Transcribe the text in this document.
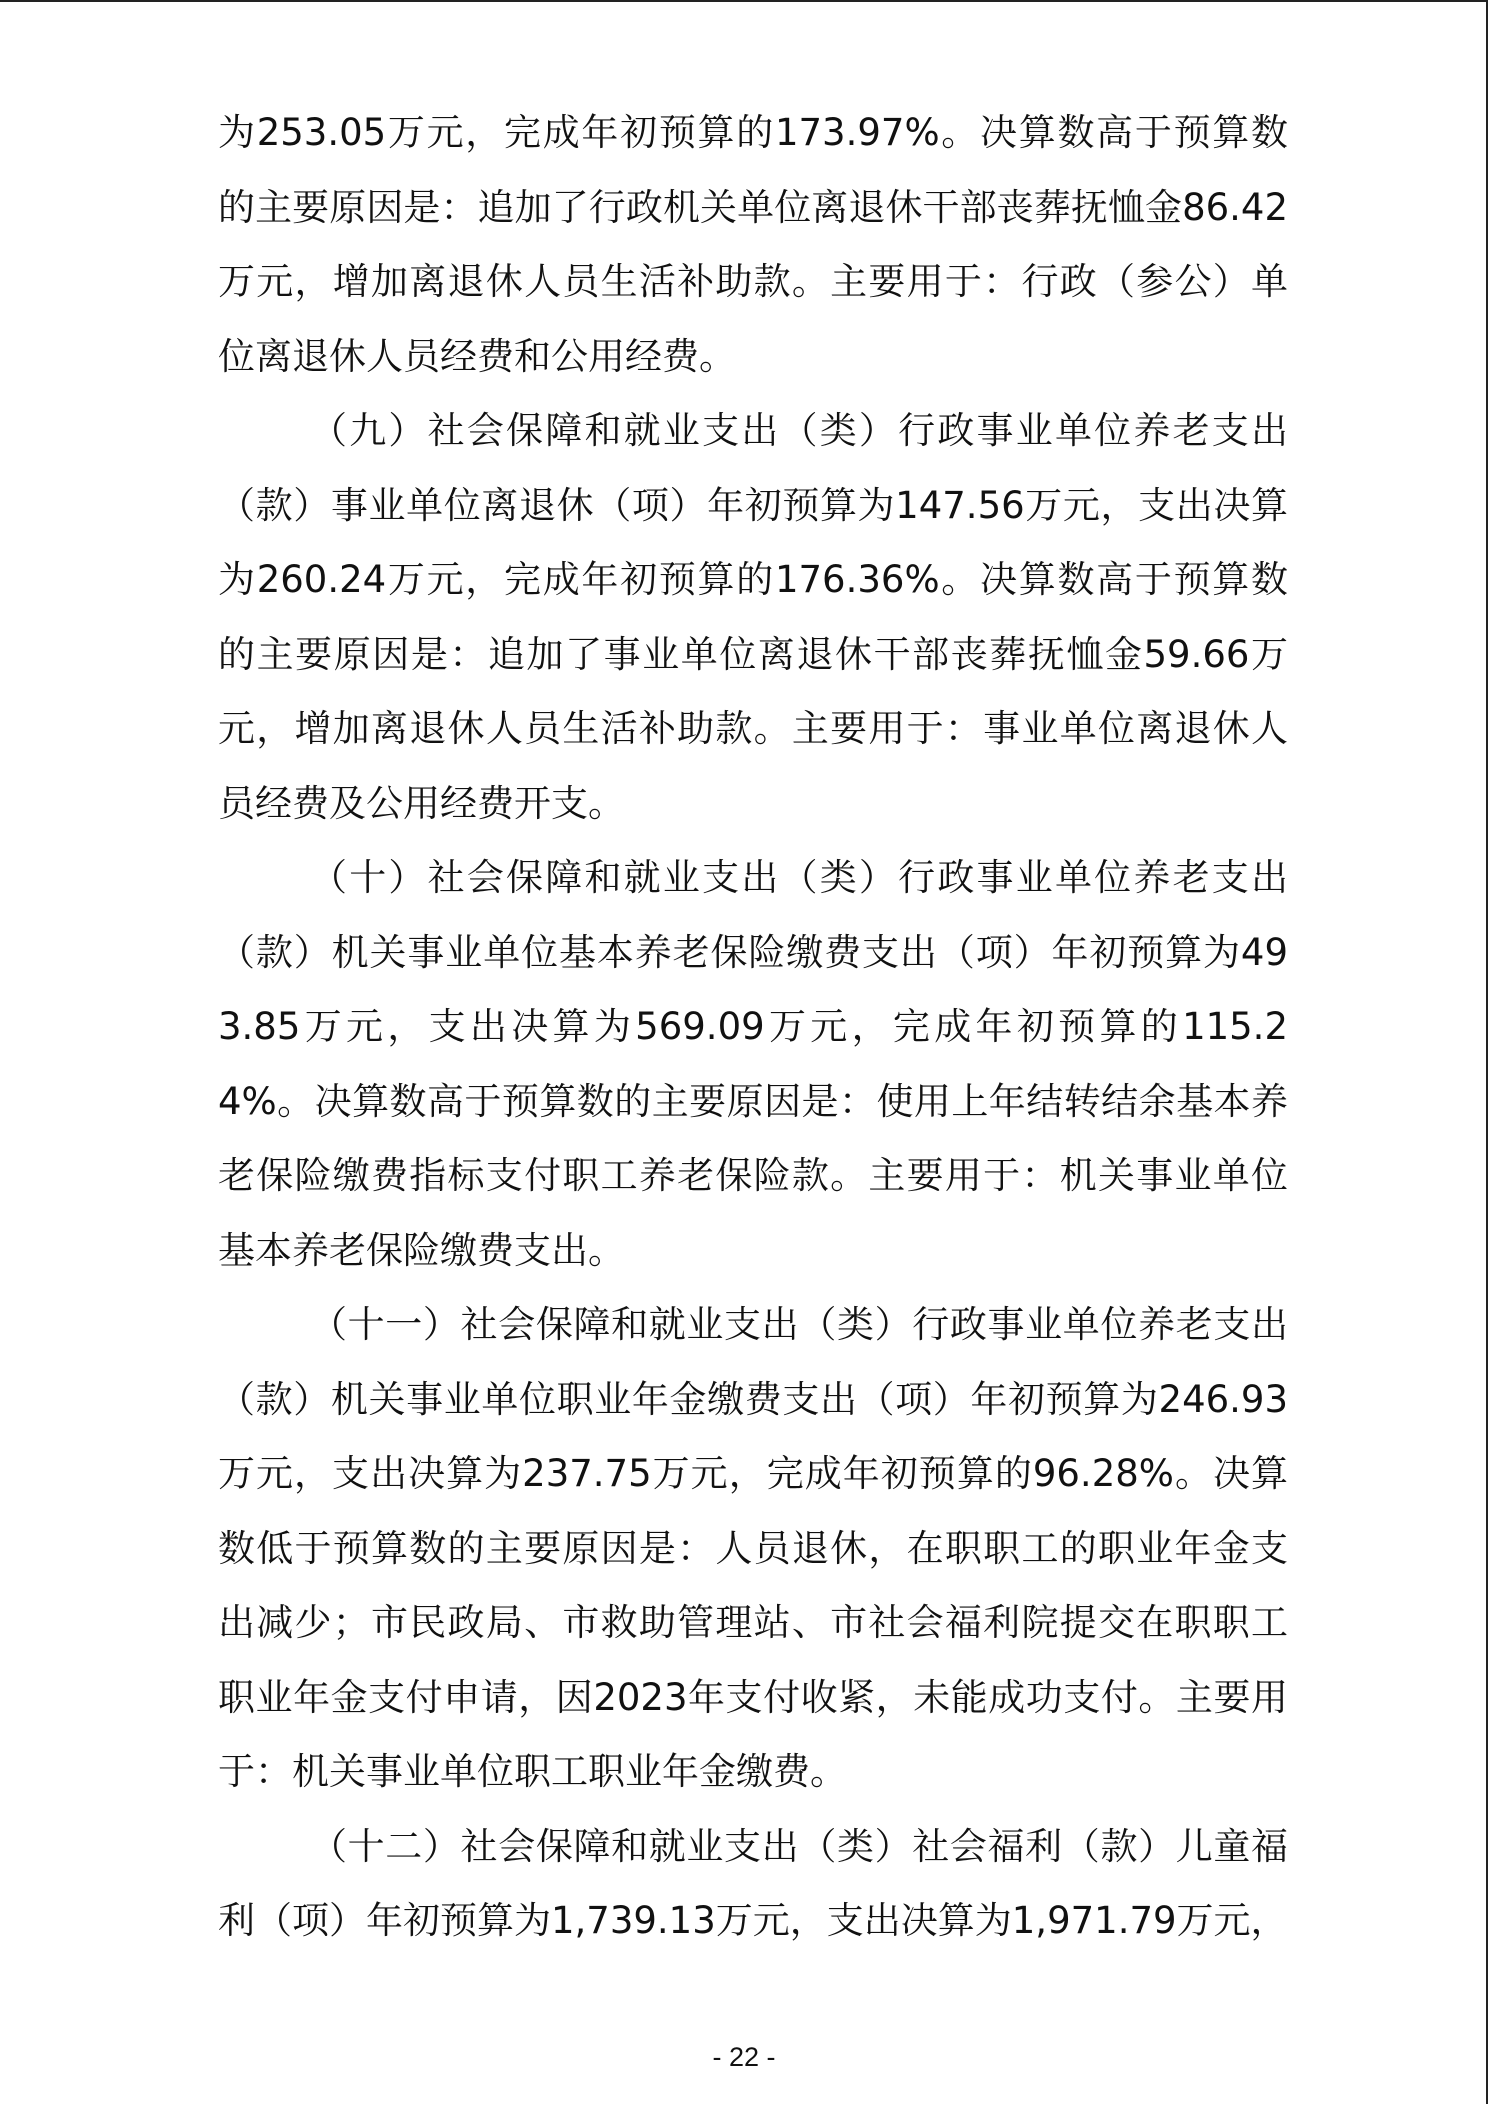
为253.05万元，完成年初预算的173.97%。决算数高于预算数的主要原因是：追加了行政机关单位离退休干部丧葬抚恤金86.42万元，增加离退休人员生活补助款。主要用于：行政（参公）单位离退休人员经费和公用经费。

（九）社会保障和就业支出（类）行政事业单位养老支出（款）事业单位离退休（项）年初预算为147.56万元，支出决算为260.24万元，完成年初预算的176.36%。决算数高于预算数的主要原因是：追加了事业单位离退休干部丧葬抚恤金59.66万元，增加离退休人员生活补助款。主要用于：事业单位离退休人员经费及公用经费开支。

（十）社会保障和就业支出（类）行政事业单位养老支出（款）机关事业单位基本养老保险缴费支出（项）年初预算为493.85万元，支出决算为569.09万元，完成年初预算的115.24%。决算数高于预算数的主要原因是：使用上年结转结余基本养老保险缴费指标支付职工养老保险款。主要用于：机关事业单位基本养老保险缴费支出。

（十一）社会保障和就业支出（类）行政事业单位养老支出（款）机关事业单位职业年金缴费支出（项）年初预算为246.93万元，支出决算为237.75万元，完成年初预算的96.28%。决算数低于预算数的主要原因是：人员退休，在职职工的职业年金支出减少；市民政局、市救助管理站、市社会福利院提交在职职工职业年金支付申请，因2023年支付收紧，未能成功支付。主要用于：机关事业单位职工职业年金缴费。

（十二）社会保障和就业支出（类）社会福利（款）儿童福利（项）年初预算为1,739.13万元，支出决算为1,971.79万元，

- 22 -
